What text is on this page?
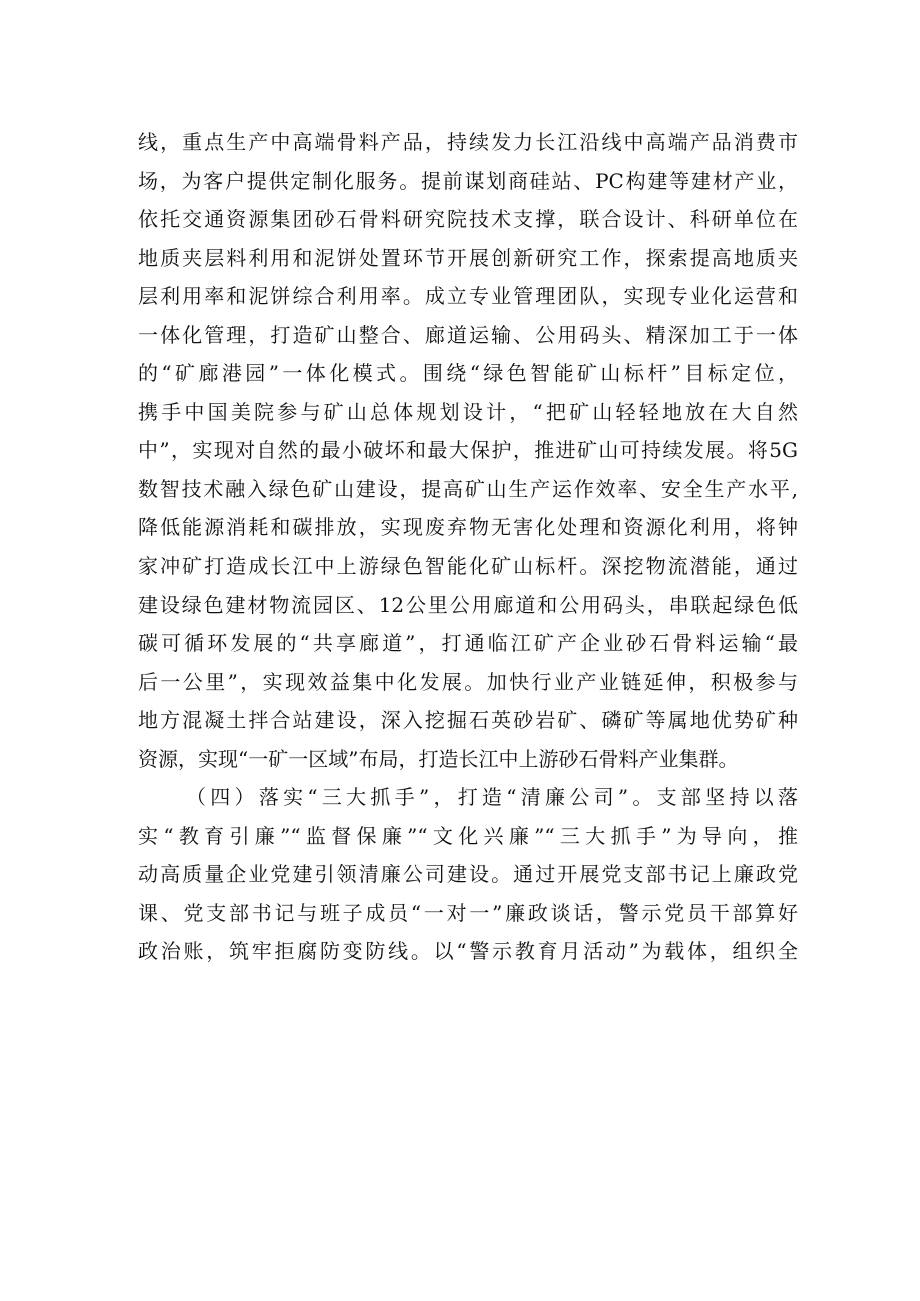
线，重点生产中高端骨料产品，持续发力长江沿线中高端产品消费市
场，为客户提供定制化服务。提前谋划商硅站、PC构建等建材产业，
依托交通资源集团砂石骨料研究院技术支撑，联合设计、科研单位在
地质夹层料利用和泥饼处置环节开展创新研究工作，探索提高地质夹
层利用率和泥饼综合利用率。成立专业管理团队，实现专业化运营和
一体化管理，打造矿山整合、廊道运输、公用码头、精深加工于一体
的“矿廊港园”一体化模式。围绕“绿色智能矿山标杆”目标定位，
携手中国美院参与矿山总体规划设计，“把矿山轻轻地放在大自然
中”，实现对自然的最小破坏和最大保护，推进矿山可持续发展。将5G
数智技术融入绿色矿山建设，提高矿山生产运作效率、安全生产水平,
降低能源消耗和碳排放，实现废弃物无害化处理和资源化利用，将钟
家冲矿打造成长江中上游绿色智能化矿山标杆。深挖物流潜能，通过
建设绿色建材物流园区、12公里公用廊道和公用码头，串联起绿色低
碳可循环发展的“共享廊道”，打通临江矿产企业砂石骨料运输“最
后一公里”，实现效益集中化发展。加快行业产业链延伸，积极参与
地方混凝土拌合站建设，深入挖掘石英砂岩矿、磷矿等属地优势矿种
资源，实现“一矿一区域”布局，打造长江中上游砂石骨料产业集群。
（四）落实“三大抓手”，打造“清廉公司”。支部坚持以落
实“教育引廉”“监督保廉”“文化兴廉”“三大抓手”为导向，推
动高质量企业党建引领清廉公司建设。通过开展党支部书记上廉政党
课、党支部书记与班子成员“一对一”廉政谈话，警示党员干部算好
政治账，筑牢拒腐防变防线。以“警示教育月活动”为载体，组织全
